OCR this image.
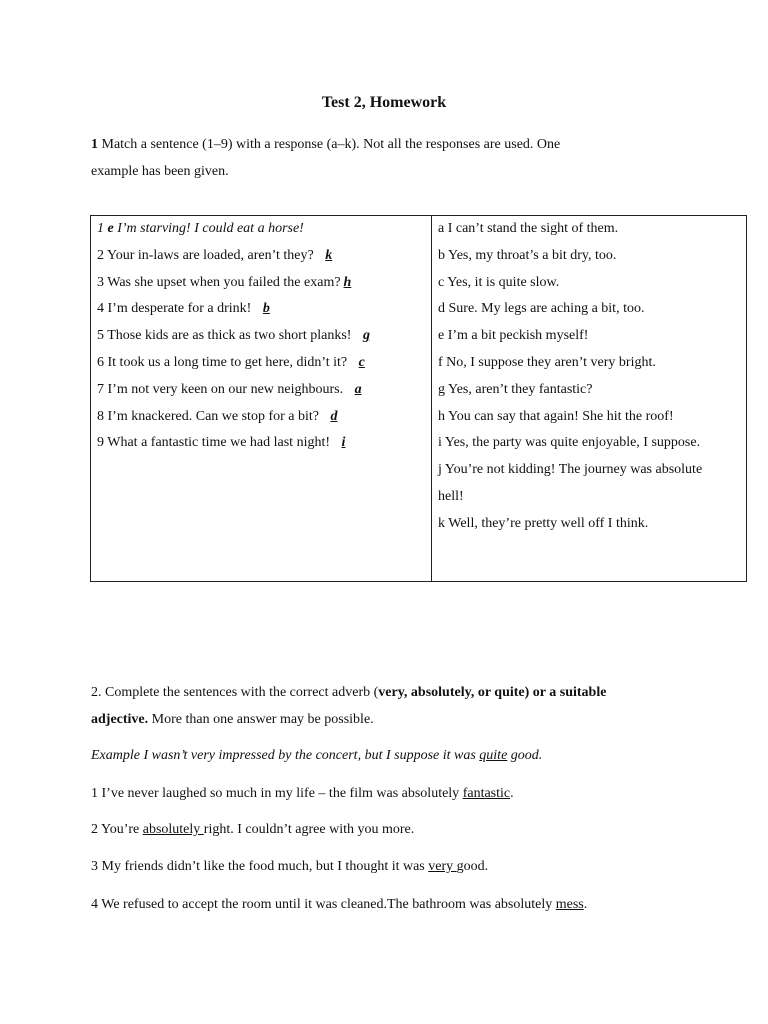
Test 2, Homework
1 Match a sentence (1–9) with a response (a–k). Not all the responses are used. One
example has been given.
1 e I’m starving! I could eat a horse!
2 Your in-laws are loaded, aren’t they? k
3 Was she upset when you failed the exam? h
4 I’m desperate for a drink! b
5 Those kids are as thick as two short planks! g
6 It took us a long time to get here, didn’t it? c
7 I’m not very keen on our new neighbours. a
8 I’m knackered. Can we stop for a bit? d
9 What a fantastic time we had last night! i

a I can’t stand the sight of them.
b Yes, my throat’s a bit dry, too.
c Yes, it is quite slow.
d Sure. My legs are aching a bit, too.
e I’m a bit peckish myself!
f No, I suppose they aren’t very bright.
g Yes, aren’t they fantastic?
h You can say that again! She hit the roof!
i Yes, the party was quite enjoyable, I suppose.
j You’re not kidding! The journey was absolute
hell!
k Well, they’re pretty well off I think.
2. Complete the sentences with the correct adverb (very, absolutely, or quite) or a suitable
adjective. More than one answer may be possible.
Example I wasn’t very impressed by the concert, but I suppose it was quite good.
1 I’ve never laughed so much in my life – the film was absolutely fantastic.
2 You’re absolutely right. I couldn’t agree with you more.
3 My friends didn’t like the food much, but I thought it was very good.
4 We refused to accept the room until it was cleaned.The bathroom was absolutely mess.
